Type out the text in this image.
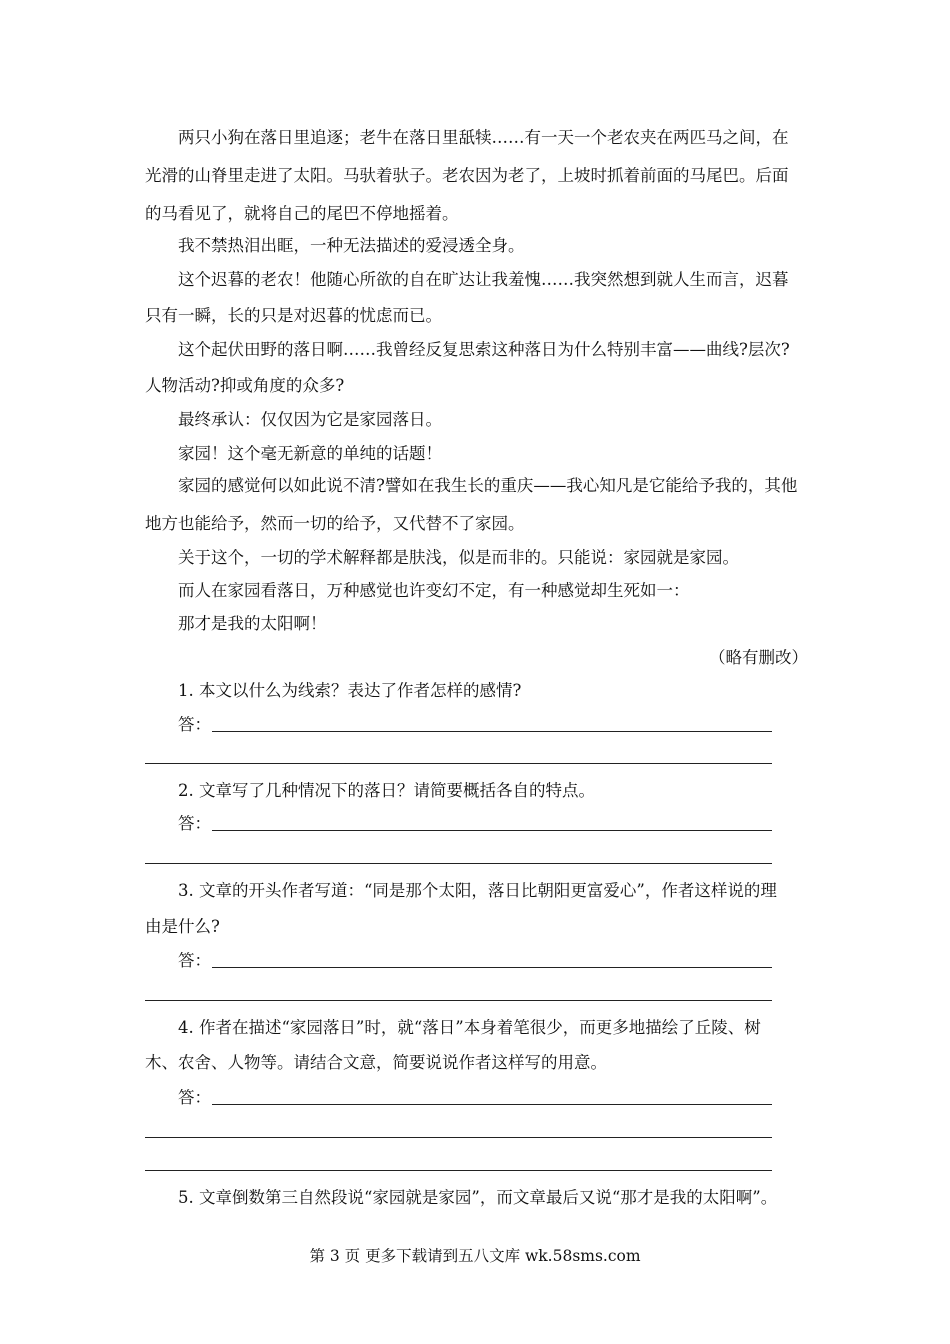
两只小狗在落日里追逐；老牛在落日里舐犊……有一天一个老农夹在两匹马之间，在
光滑的山脊里走进了太阳。马驮着驮子。老农因为老了，上坡时抓着前面的马尾巴。后面
的马看见了，就将自己的尾巴不停地摇着。
我不禁热泪出眶，一种无法描述的爱浸透全身。
这个迟暮的老农！他随心所欲的自在旷达让我羞愧……我突然想到就人生而言，迟暮
只有一瞬，长的只是对迟暮的忧虑而已。
这个起伏田野的落日啊……我曾经反复思索这种落日为什么特别丰富——曲线?层次?
人物活动?抑或角度的众多?
最终承认：仅仅因为它是家园落日。
家园！这个毫无新意的单纯的话题！
家园的感觉何以如此说不清?譬如在我生长的重庆——我心知凡是它能给予我的，其他
地方也能给予，然而一切的给予，又代替不了家园。
关于这个，一切的学术解释都是肤浅，似是而非的。只能说：家园就是家园。
而人在家园看落日，万种感觉也许变幻不定，有一种感觉却生死如一：
那才是我的太阳啊！
（略有删改）
1. 本文以什么为线索？表达了作者怎样的感情?
答：
2. 文章写了几种情况下的落日？请简要概括各自的特点。
答：
3. 文章的开头作者写道：“同是那个太阳，落日比朝阳更富爱心”，作者这样说的理
由是什么?
答：
4. 作者在描述“家园落日”时，就“落日”本身着笔很少，而更多地描绘了丘陵、树
木、农舍、人物等。请结合文意，简要说说作者这样写的用意。
答：
5. 文章倒数第三自然段说“家园就是家园”，而文章最后又说“那才是我的太阳啊”。
第 3 页 更多下载请到五八文库 wk.58sms.com
